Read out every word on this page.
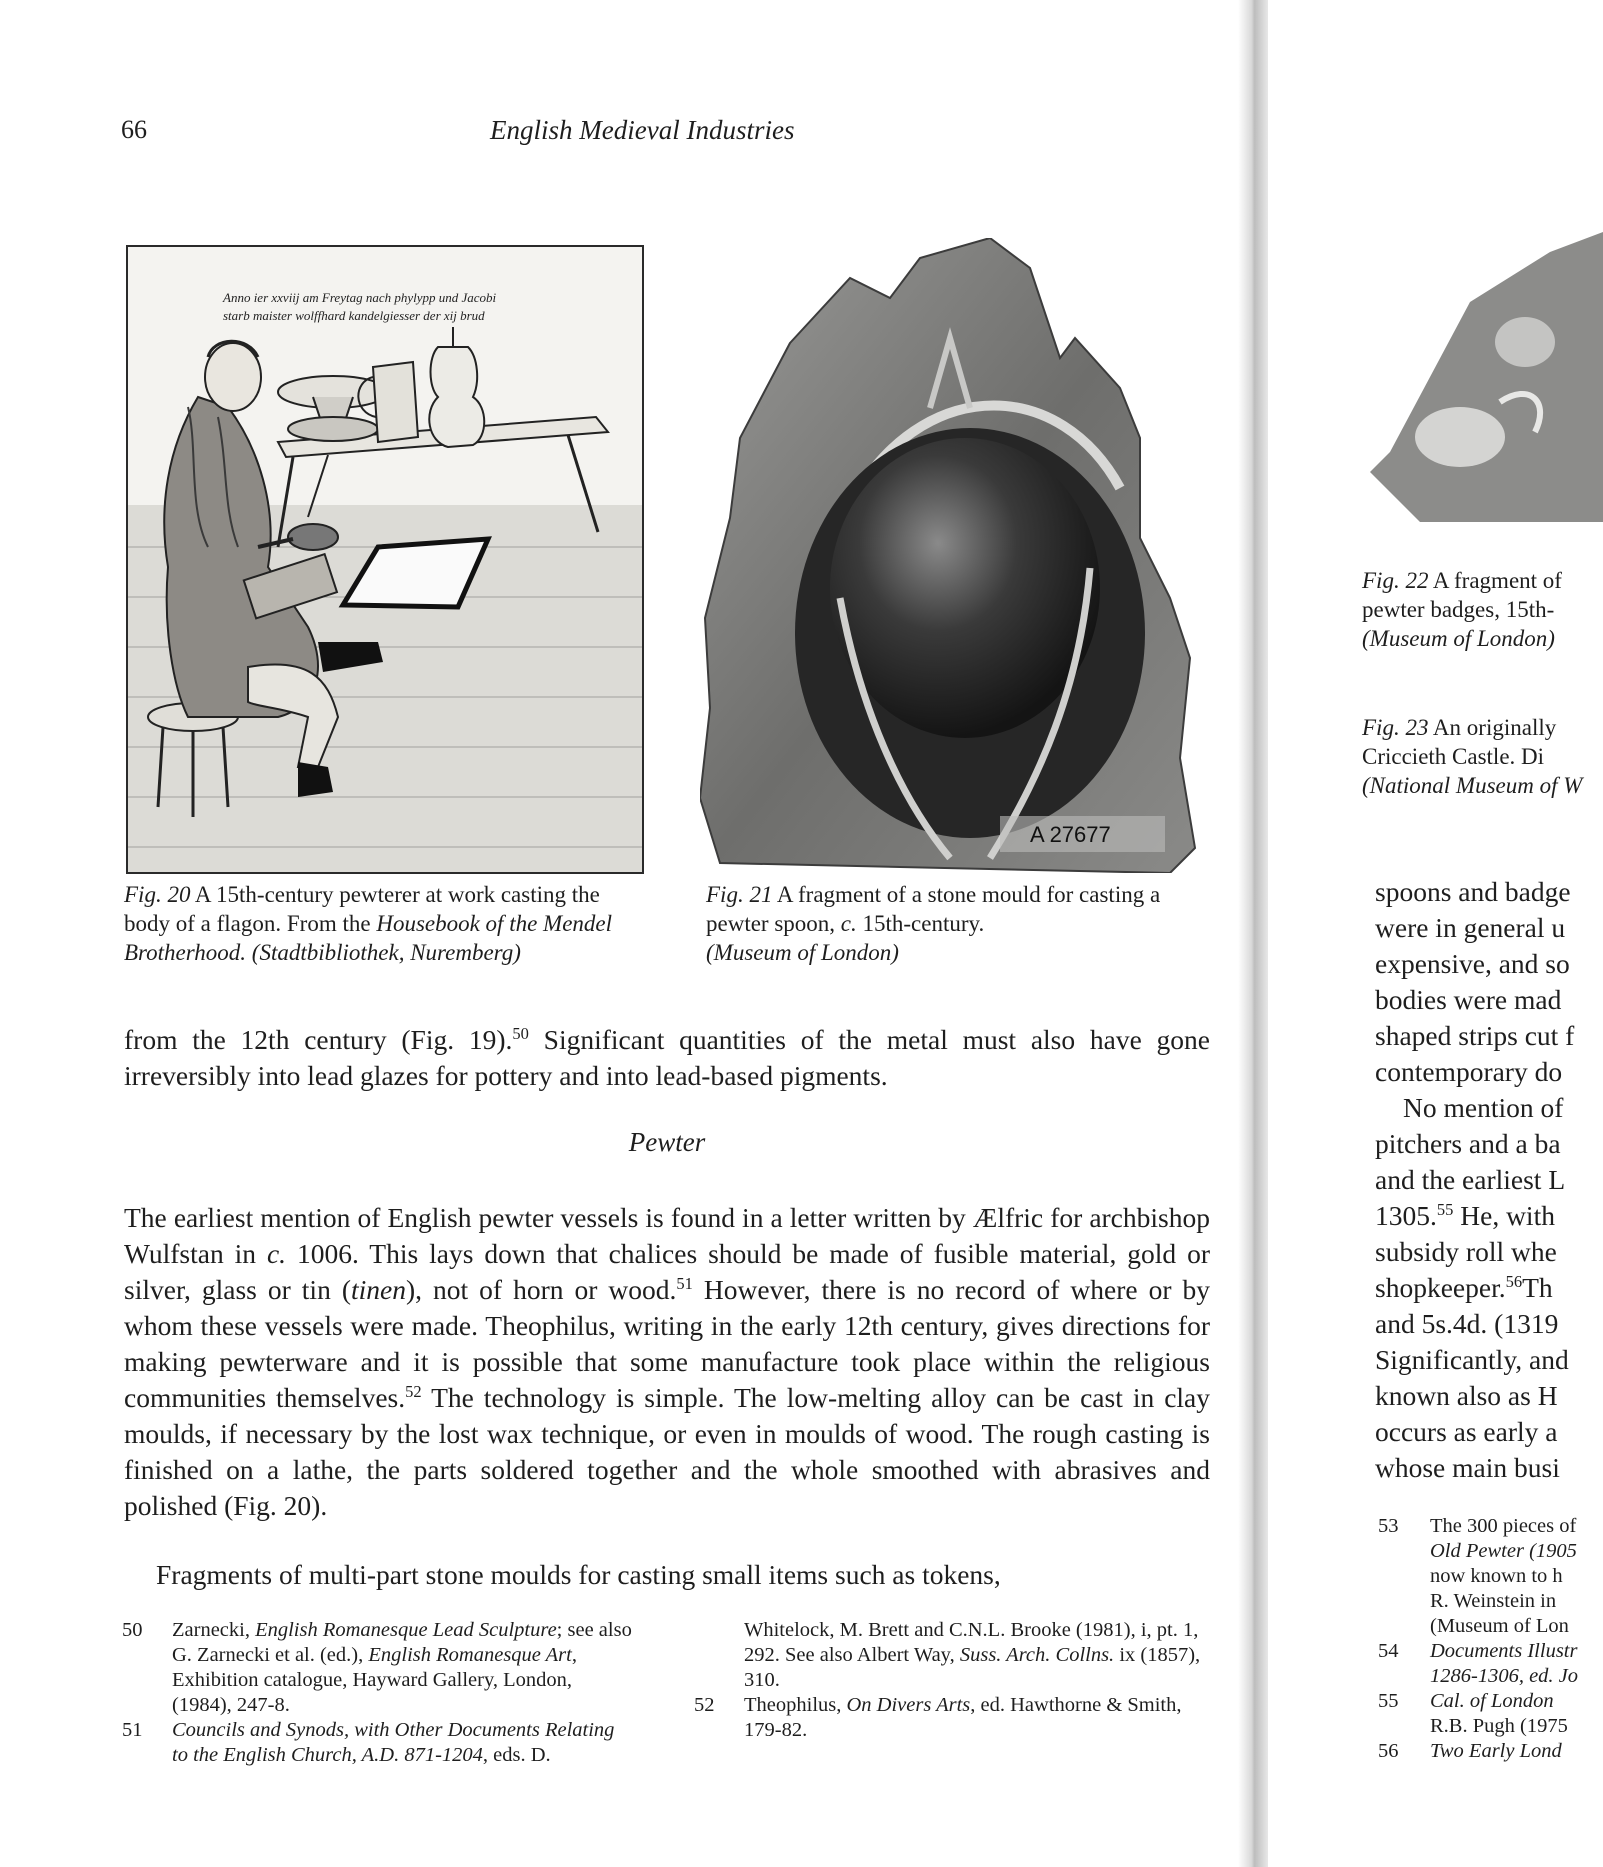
66	English Medieval Industries
Anno ier xxviij am Freytag nach phylypp und Jacobi
starb maister wolffhard kandelgiesser der xij brud
A 27677
Fig. 20 A 15th-century pewterer at work casting the body of a flagon. From the Housebook of the Mendel Brotherhood. (Stadtbibliothek, Nuremberg)
Fig. 21 A fragment of a stone mould for casting a pewter spoon, c. 15th-century.
(Museum of London)
Fig. 22 A fragment of
pewter badges, 15th-
(Museum of London)
Fig. 23 An originally
Criccieth Castle. Di
(National Museum of W
from the 12th century (Fig. 19).$^{50}$ Significant quantities of the metal must also have gone irreversibly into lead glazes for pottery and into lead-based pigments.
Pewter
The earliest mention of English pewter vessels is found in a letter written by Ælfric for archbishop Wulfstan in c. 1006. This lays down that chalices should be made of fusible material, gold or silver, glass or tin (tinen), not of horn or wood.$^{51}$ However, there is no record of where or by whom these vessels were made. Theophilus, writing in the early 12th century, gives directions for making pewterware and it is possible that some manufacture took place within the religious communities themselves.$^{52}$ The technology is simple. The low-melting alloy can be cast in clay moulds, if necessary by the lost wax technique, or even in moulds of wood. The rough casting is finished on a lathe, the parts soldered together and the whole smoothed with abrasives and polished (Fig. 20).
Fragments of multi-part stone moulds for casting small items such as tokens,
50 Zarnecki, English Romanesque Lead Sculpture; see also G. Zarnecki et al. (ed.), English Romanesque Art, Exhibition catalogue, Hayward Gallery, London, (1984), 247-8.
51 Councils and Synods, with Other Documents Relating to the English Church, A.D. 871-1204, eds. D.
Whitelock, M. Brett and C.N.L. Brooke (1981), i, pt. 1, 292. See also Albert Way, Suss. Arch. Collns. ix (1857), 310.
52 Theophilus, On Divers Arts, ed. Hawthorne & Smith, 179-82.
spoons and badge
were in general u
expensive, and so
bodies were mad
shaped strips cut f
contemporary do
No mention of
pitchers and a ba
and the earliest L
1305.55 He, with
subsidy roll whe
shopkeeper.$^{56}$Th
and 5s.4d. (1319
Significantly, and
known also as H
occurs as early a
whose main busi
53 The 300 pieces of
Old Pewter (1905
now known to h
R. Weinstein in
(Museum of Lon
54 Documents Illustr
1286-1306, ed. Jo
55 Cal. of London
R.B. Pugh (1975
56 Two Early Lond
